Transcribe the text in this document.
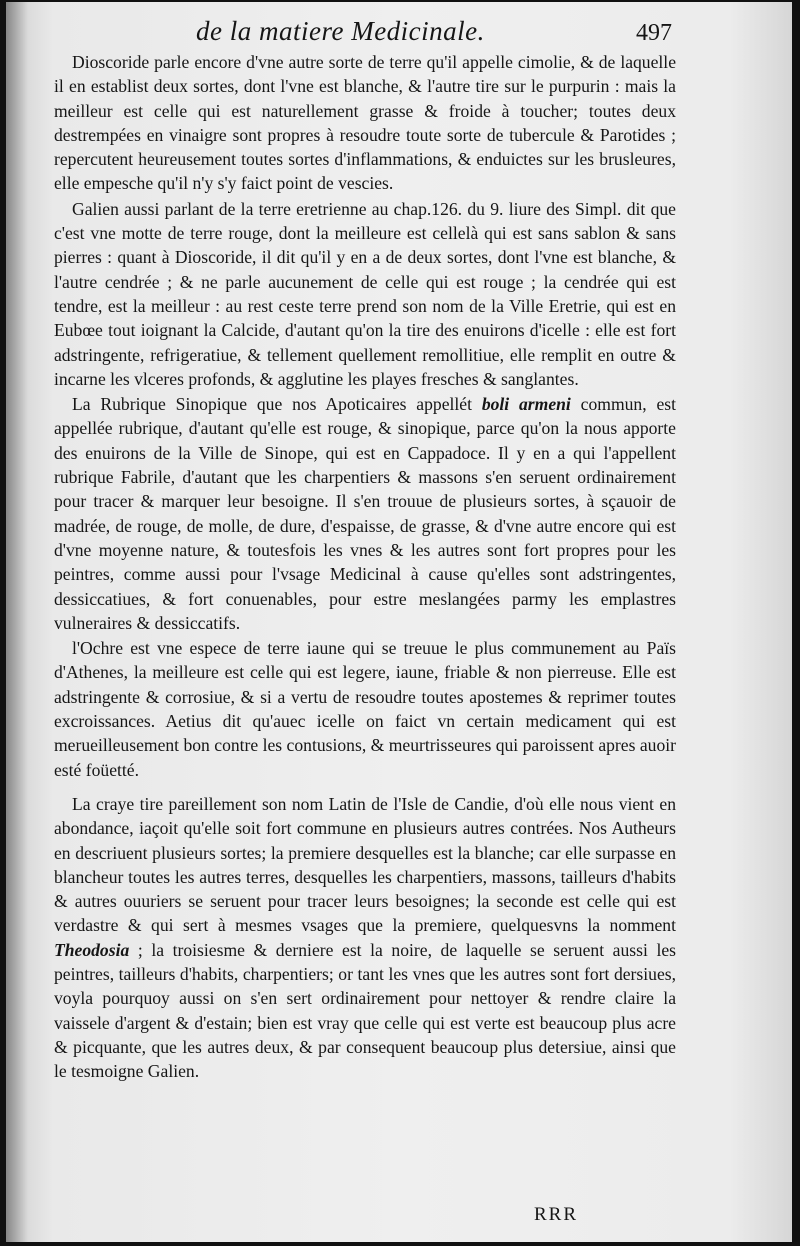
de la matiere Medicinale.	497

Dioscoride parle encore d'vne autre sorte de terre qu'il appelle cimolie, & de laquelle il en establist deux sortes, dont l'vne est blanche, & l'autre tire sur le purpurin : mais la meilleur est celle qui est naturellement grasse & froide à toucher; toutes deux destrempées en vinaigre sont propres à resoudre toute sorte de tubercule & Parotides ; repercutent heureusement toutes sortes d'inflammations, & enduictes sur les brusleures, elle empesche qu'il n'y s'y faict point de vescies.

Galien aussi parlant de la terre eretrienne au chap.126. du 9. liure des Simpl. dit que c'est vne motte de terre rouge, dont la meilleure est cellelà qui est sans sablon & sans pierres : quant à Dioscoride, il dit qu'il y en a de deux sortes, dont l'vne est blanche, & l'autre cendrée ; & ne parle aucunement de celle qui est rouge ; la cendrée qui est tendre, est la meilleur : au rest ceste terre prend son nom de la Ville Eretrie, qui est en Eubœe tout ioignant la Calcide, d'autant qu'on la tire des enuirons d'icelle : elle est fort adstringente, refrigeratiue, & tellement quellement remollitiue, elle remplit en outre & incarne les vlceres profonds, & agglutine les playes fresches & sanglantes.

La Rubrique Sinopique que nos Apoticaires appellét boli armeni commun, est appellée rubrique, d'autant qu'elle est rouge, & sinopique, parce qu'on la nous apporte des enuirons de la Ville de Sinope, qui est en Cappadoce. Il y en a qui l'appellent rubrique Fabrile, d'autant que les charpentiers & massons s'en seruent ordinairement pour tracer & marquer leur besoigne. Il s'en trouue de plusieurs sortes, à sçauoir de madrée, de rouge, de molle, de dure, d'espaisse, de grasse, & d'vne autre encore qui est d'vne moyenne nature, & toutesfois les vnes & les autres sont fort propres pour les peintres, comme aussi pour l'vsage Medicinal à cause qu'elles sont adstringentes, dessiccatiues, & fort conuenables, pour estre meslangées parmy les emplastres vulneraires & dessiccatifs.

l'Ochre est vne espece de terre iaune qui se treuue le plus communement au Païs d'Athenes, la meilleure est celle qui est legere, iaune, friable & non pierreuse. Elle est adstringente & corrosiue, & si a vertu de resoudre toutes apostemes & reprimer toutes excroissances. Aetius dit qu'auec icelle on faict vn certain medicament qui est merueilleusement bon contre les contusions, & meurtrisseures qui paroissent apres auoir esté foüetté.

La craye tire pareillement son nom Latin de l'Isle de Candie, d'où elle nous vient en abondance, iaçoit qu'elle soit fort commune en plusieurs autres contrées. Nos Autheurs en descriuent plusieurs sortes; la premiere desquelles est la blanche; car elle surpasse en blancheur toutes les autres terres, desquelles les charpentiers, massons, tailleurs d'habits & autres ouuriers se seruent pour tracer leurs besoignes; la seconde est celle qui est verdastre & qui sert à mesmes vsages que la premiere, quelquesvns la nomment Theodosia ; la troisiesme & derniere est la noire, de laquelle se seruent aussi les peintres, tailleurs d'habits, charpentiers; or tant les vnes que les autres sont fort dersiues, voyla pourquoy aussi on s'en sert ordinairement pour nettoyer & rendre claire la vaissele d'argent & d'estain; bien est vray que celle qui est verte est beaucoup plus acre & picquante, que les autres deux, & par consequent beaucoup plus detersiue, ainsi que le tesmoigne Galien.

RRR
